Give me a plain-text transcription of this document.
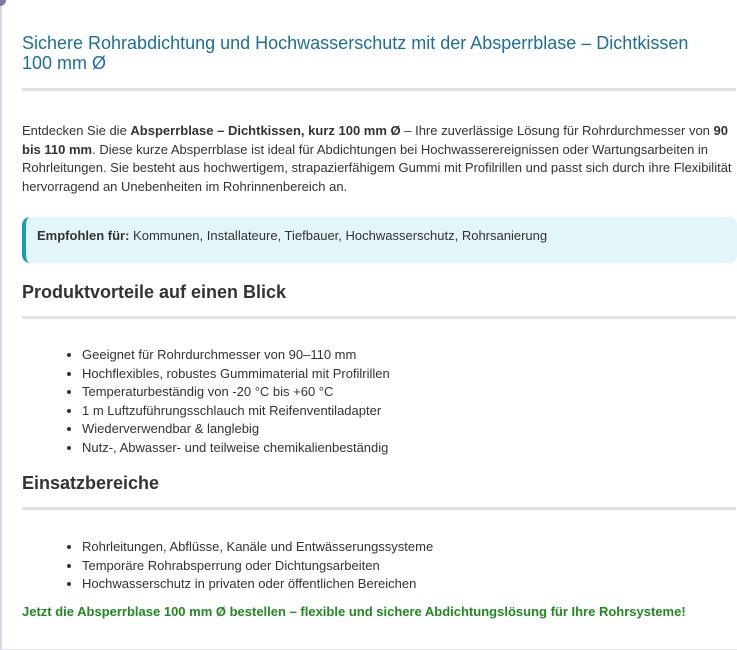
Sichere Rohrabdichtung und Hochwasserschutz mit der Absperrblase – Dichtkissen 100 mm Ø

Entdecken Sie die Absperrblase – Dichtkissen, kurz 100 mm Ø – Ihre zuverlässige Lösung für Rohrdurchmesser von 90 bis 110 mm. Diese kurze Absperrblase ist ideal für Abdichtungen bei Hochwasserereignissen oder Wartungsarbeiten in Rohrleitungen. Sie besteht aus hochwertigem, strapazierfähigem Gummi mit Profilrillen und passt sich durch ihre Flexibilität hervorragend an Unebenheiten im Rohrinnenbereich an.

Empfohlen für: Kommunen, Installateure, Tiefbauer, Hochwasserschutz, Rohrsanierung
Produktvorteile auf einen Blick
• Geeignet für Rohrdurchmesser von 90–110 mm
• Hochflexibles, robustes Gummimaterial mit Profilrillen
• Temperaturbeständig von -20 °C bis +60 °C
• 1 m Luftzuführungsschlauch mit Reifenventiladapter
• Wiederverwendbar & langlebig
• Nutz-, Abwasser- und teilweise chemikalienbeständig
Einsatzbereiche
• Rohrleitungen, Abflüsse, Kanäle und Entwässerungssysteme
• Temporäre Rohrabsperrung oder Dichtungsarbeiten
• Hochwasserschutz in privaten oder öffentlichen Bereichen
Jetzt die Absperrblase 100 mm Ø bestellen – flexible und sichere Abdichtungslösung für Ihre Rohrsysteme!
